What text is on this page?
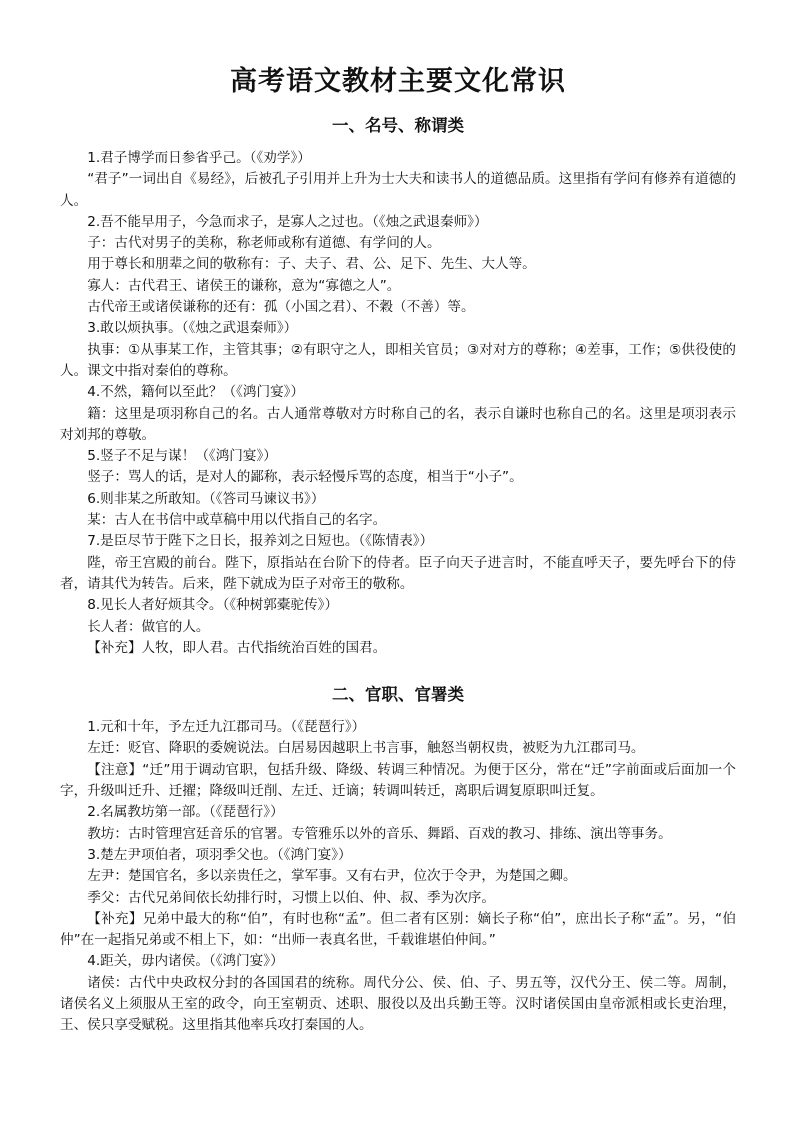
高考语文教材主要文化常识
一、名号、称谓类

1.君子博学而日参省乎己。（《劝学》）

“君子”一词出自《易经》，后被孔子引用并上升为士大夫和读书人的道德品质。这里指有学问有修养有道德的人。

2.吾不能早用子，今急而求子，是寡人之过也。（《烛之武退秦师》）

子：古代对男子的美称，称老师或称有道德、有学问的人。

用于尊长和朋辈之间的敬称有：子、夫子、君、公、足下、先生、大人等。

寡人：古代君王、诸侯王的谦称，意为“寡德之人”。

古代帝王或诸侯谦称的还有：孤（小国之君）、不穀（不善）等。

3.敢以烦执事。（《烛之武退秦师》）

执事：①从事某工作，主管其事；②有职守之人，即相关官员；③对对方的尊称；④差事，工作；⑤供役使的人。课文中指对秦伯的尊称。

4.不然，籍何以至此？（《鸿门宴》）

籍：这里是项羽称自己的名。古人通常尊敬对方时称自己的名，表示自谦时也称自己的名。这里是项羽表示对刘邦的尊敬。

5.竖子不足与谋！（《鸿门宴》）

竖子：骂人的话，是对人的鄙称，表示轻慢斥骂的态度，相当于“小子”。

6.则非某之所敢知。（《答司马谏议书》）

某：古人在书信中或草稿中用以代指自己的名字。

7.是臣尽节于陛下之日长，报养刘之日短也。（《陈情表》）

陛，帝王宫殿的前台。陛下，原指站在台阶下的侍者。臣子向天子进言时，不能直呼天子，要先呼台下的侍者，请其代为转告。后来，陛下就成为臣子对帝王的敬称。

8.见长人者好烦其令。（《种树郭橐驼传》）

长人者：做官的人。

【补充】人牧，即人君。古代指统治百姓的国君。

二、官职、官署类

1.元和十年，予左迁九江郡司马。（《琵琶行》）

左迁：贬官、降职的委婉说法。白居易因越职上书言事，触怒当朝权贵，被贬为九江郡司马。

【注意】“迁”用于调动官职，包括升级、降级、转调三种情况。为便于区分，常在“迁”字前面或后面加一个字，升级叫迁升、迁擢；降级叫迁削、左迁、迁谪；转调叫转迁，离职后调复原职叫迁复。

2.名属教坊第一部。（《琵琶行》）

教坊：古时管理宫廷音乐的官署。专管雅乐以外的音乐、舞蹈、百戏的教习、排练、演出等事务。

3.楚左尹项伯者，项羽季父也。（《鸿门宴》）

左尹：楚国官名，多以亲贵任之，掌军事。又有右尹，位次于令尹，为楚国之卿。

季父：古代兄弟间依长幼排行时，习惯上以伯、仲、叔、季为次序。

【补充】兄弟中最大的称“伯”，有时也称“孟”。但二者有区别：嫡长子称“伯”，庶出长子称“孟”。另，“伯仲”在一起指兄弟或不相上下，如：“出师一表真名世，千载谁堪伯仲间。”

4.距关，毋内诸侯。（《鸿门宴》）

诸侯：古代中央政权分封的各国国君的统称。周代分公、侯、伯、子、男五等，汉代分王、侯二等。周制，诸侯名义上须服从王室的政令，向王室朝贡、述职、服役以及出兵勤王等。汉时诸侯国由皇帝派相或长吏治理，王、侯只享受赋税。这里指其他率兵攻打秦国的人。
